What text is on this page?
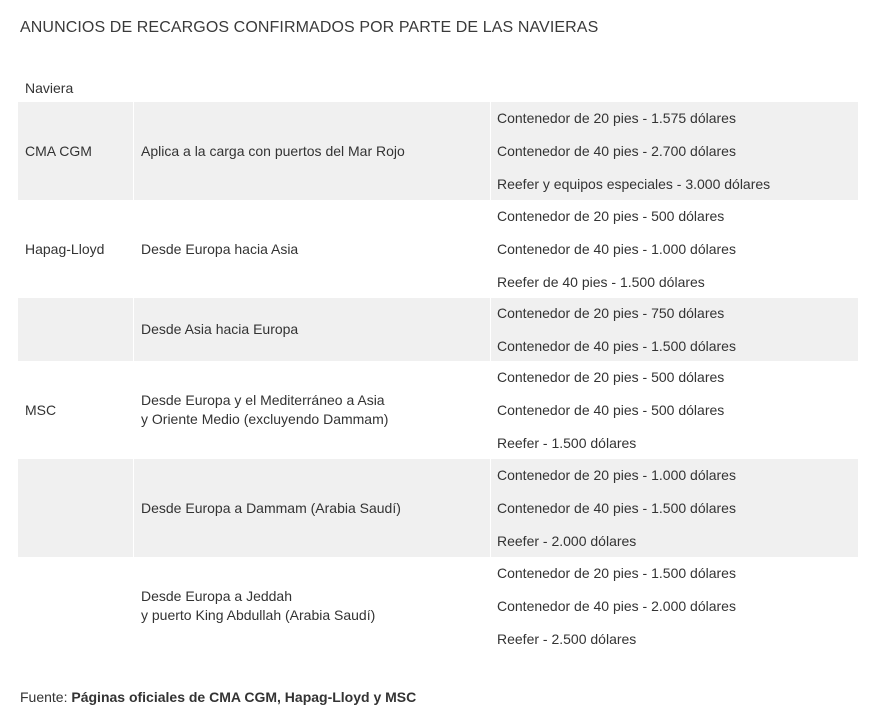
ANUNCIOS DE RECARGOS CONFIRMADOS POR PARTE DE LAS NAVIERAS
Naviera
CMA CGM	Aplica a la carga con puertos del Mar Rojo
Contenedor de 20 pies - 1.575 dólares
Contenedor de 40 pies - 2.700 dólares
Reefer y equipos especiales - 3.000 dólares
Hapag-Lloyd	Desde Europa hacia Asia
Contenedor de 20 pies - 500 dólares
Contenedor de 40 pies - 1.000 dólares
Reefer de 40 pies - 1.500 dólares
Desde Asia hacia Europa
Contenedor de 20 pies - 750 dólares
Contenedor de 40 pies - 1.500 dólares
MSC
Desde Europa y el Mediterráneo a Asia
y Oriente Medio (excluyendo Dammam)
Contenedor de 20 pies - 500 dólares
Contenedor de 40 pies - 500 dólares
Reefer - 1.500 dólares
Desde Europa a Dammam (Arabia Saudí)
Contenedor de 20 pies - 1.000 dólares
Contenedor de 40 pies - 1.500 dólares
Reefer - 2.000 dólares
Desde Europa a Jeddah
y puerto King Abdullah (Arabia Saudí)
Contenedor de 20 pies - 1.500 dólares
Contenedor de 40 pies - 2.000 dólares
Reefer - 2.500 dólares
Fuente: Páginas oficiales de CMA CGM, Hapag-Lloyd y MSC
